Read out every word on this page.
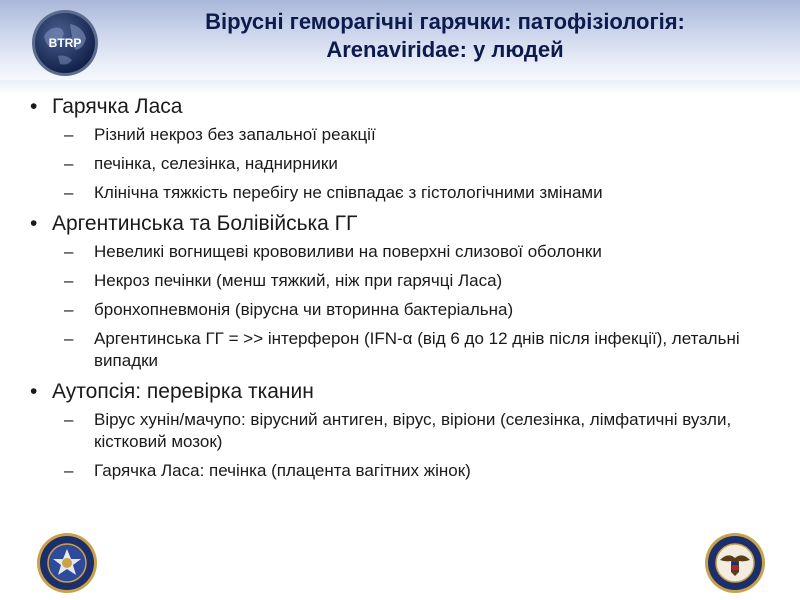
BTRP
Вірусні геморагічні гарячки: патофізіологія:
Arenaviridae: у людей
• Гарячка Ласа
– Різний некроз без запальної реакції
– печінка, селезінка, наднирники
– Клінічна тяжкість перебігу не співпадає з гістологічними змінами
• Аргентинська та Болівійська ГГ
– Невеликі вогнищеві крововиливи на поверхні слизової оболонки
– Некроз печінки (менш тяжкий, ніж при гарячці Ласа)
– бронхопневмонія (вірусна чи вторинна бактеріальна)
– Аргентинська ГГ = >> інтерферон (IFN-α (від 6 до 12 днів після інфекції), летальні випадки
• Аутопсія: перевірка тканин
– Вірус хунін/мачупо: вірусний антиген, вірус, віріони (селезінка, лімфатичні вузли, кістковий мозок)
– Гарячка Ласа: печінка (плацента вагітних жінок)
